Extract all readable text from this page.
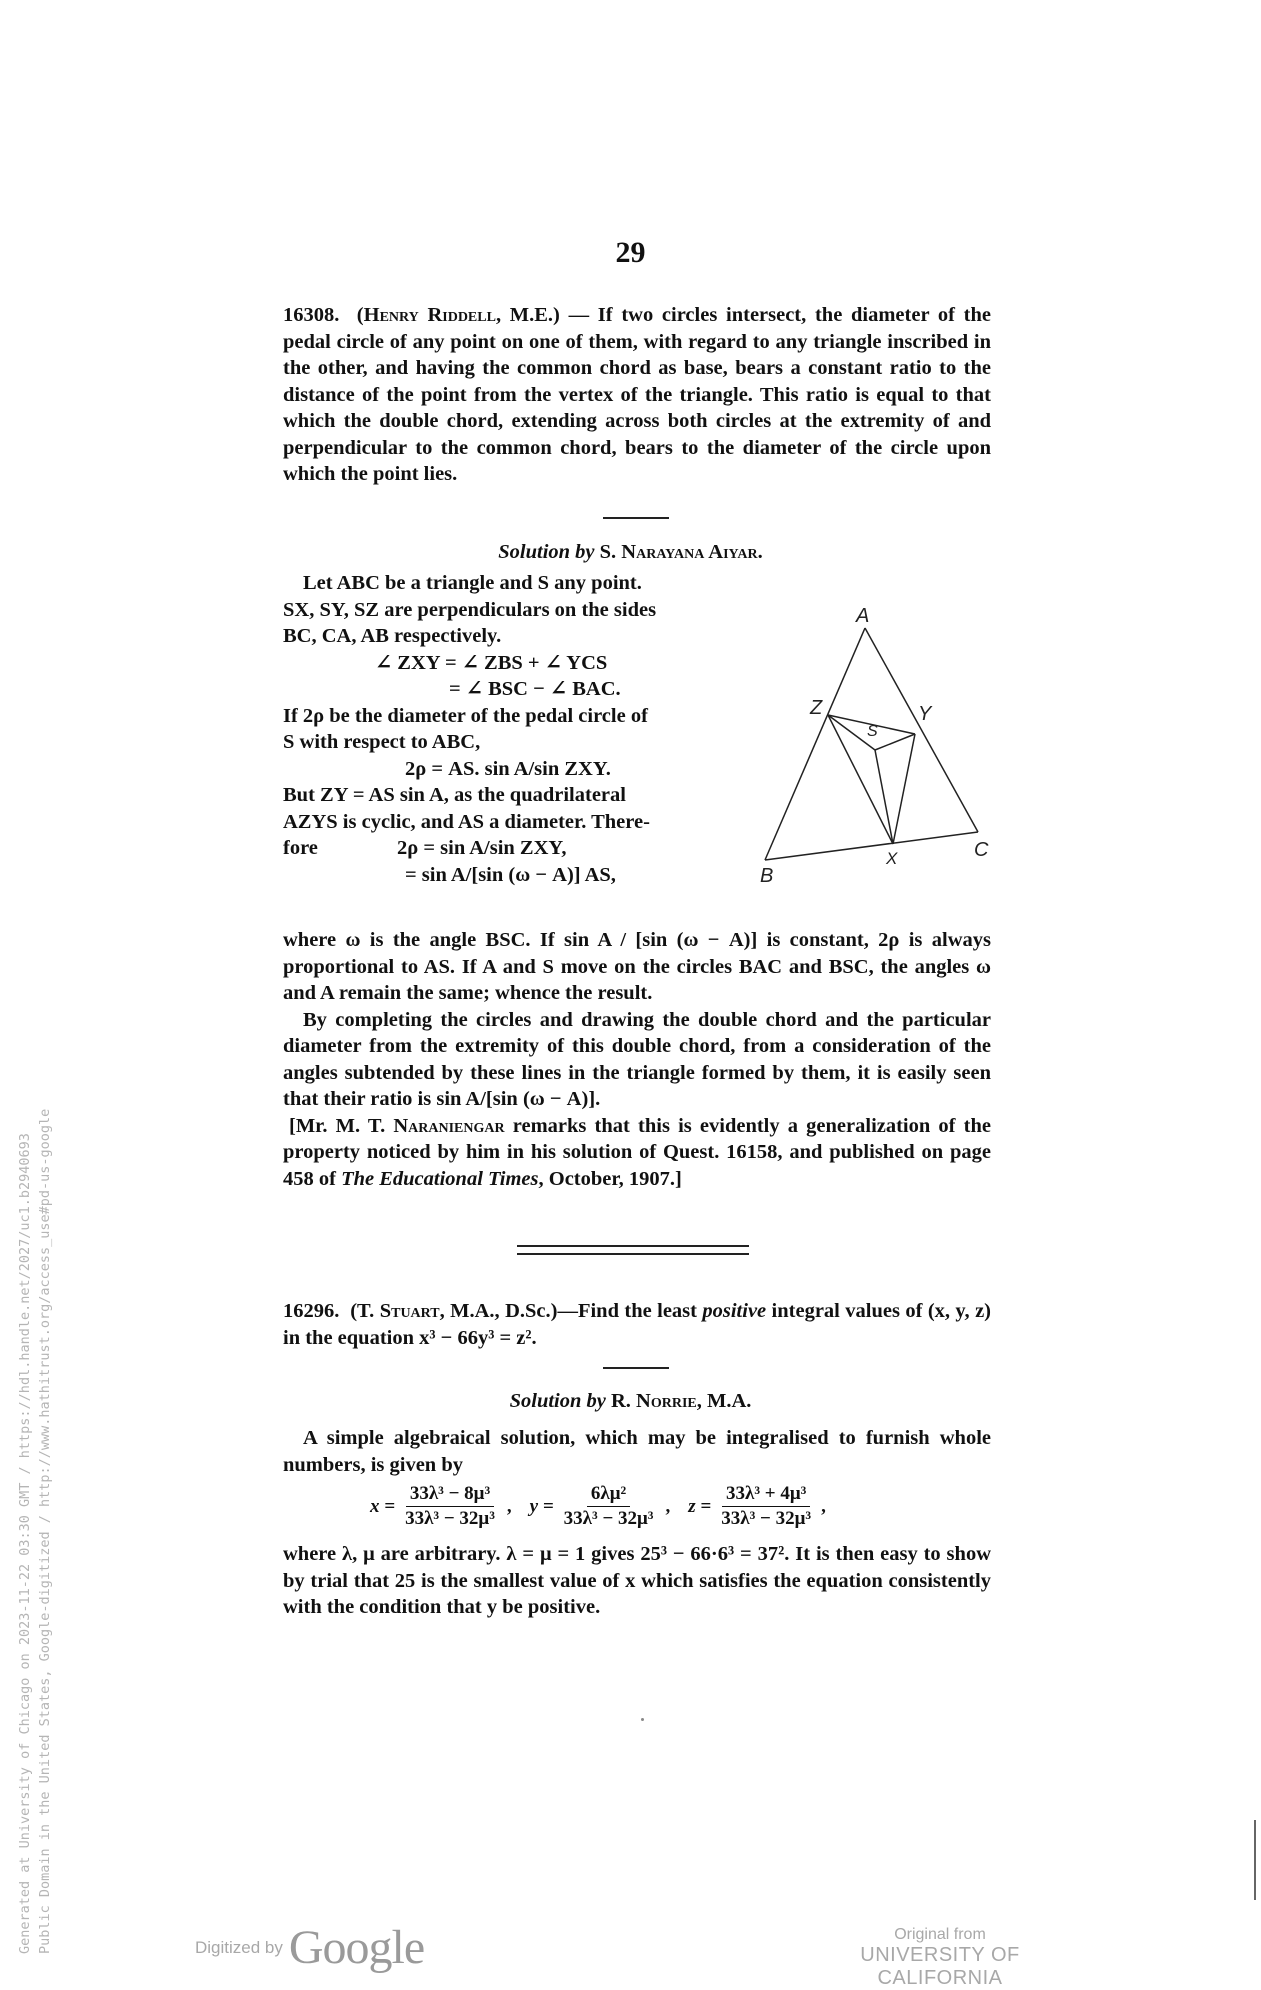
29

16308. (Henry Riddell, M.E.) — If two circles intersect, the diameter of the pedal circle of any point on one of them, with regard to any triangle inscribed in the other, and having the common chord as base, bears a constant ratio to the distance of the point from the vertex of the triangle. This ratio is equal to that which the double chord, extending across both circles at the extremity of and perpendicular to the common chord, bears to the diameter of the circle upon which the point lies.

Solution by S. Narayana Aiyar.
Let ABC be a triangle and S any point.
SX, SY, SZ are perpendiculars on the sides
BC, CA, AB respectively.
∠ ZXY = ∠ ZBS + ∠ YCS
= ∠ BSC − ∠ BAC.
If 2ρ be the diameter of the pedal circle of
S with respect to ABC,
2ρ = AS. sin A/sin ZXY.
But ZY = AS sin A, as the quadrilateral
AZYS is cyclic, and AS a diameter. There-
fore	2ρ = sin A/sin ZXY,
= sin A/[sin (ω − A)] AS,
A
Z	Y
S
C
X
B

where ω is the angle BSC. If sin A / [sin (ω − A)] is constant, 2ρ is always proportional to AS. If A and S move on the circles BAC and BSC, the angles ω and A remain the same; whence the result.

By completing the circles and drawing the double chord and the particular diameter from the extremity of this double chord, from a consideration of the angles subtended by these lines in the triangle formed by them, it is easily seen that their ratio is sin A/[sin (ω − A)].

[Mr. M. T. Naraniengar remarks that this is evidently a generalization of the property noticed by him in his solution of Quest. 16158, and published on page 458 of The Educational Times, October, 1907.]

16296. (T. Stuart, M.A., D.Sc.)—Find the least positive integral values of (x, y, z) in the equation x³ − 66y³ = z².

Solution by R. Norrie, M.A.

A simple algebraical solution, which may be integralised to furnish whole numbers, is given by

$x = \frac{\text{33λ³ − 8μ³}}{\text{33λ³ − 32μ³}}$ , $y = \frac{\text{6λμ²}}{\text{33λ³ − 32μ³}}$ , $z = \frac{\text{33λ³ + 4μ³}}{\text{33λ³ − 32μ³}}$ ,

where λ, μ are arbitrary. λ = μ = 1 gives 25³ − 66·6³ = 37². It is then easy to show by trial that 25 is the smallest value of x which satisfies the equation consistently with the condition that y be positive.

Generated at University of Chicago on 2023-11-22 03:30 GMT / https://hdl.handle.net/2027/uc1.b2940693 Public Domain in the United States, Google-digitized / http://www.hathitrust.org/access_use#pd-us-google	Digitized by Google	Original from
UNIVERSITY OF CALIFORNIA
